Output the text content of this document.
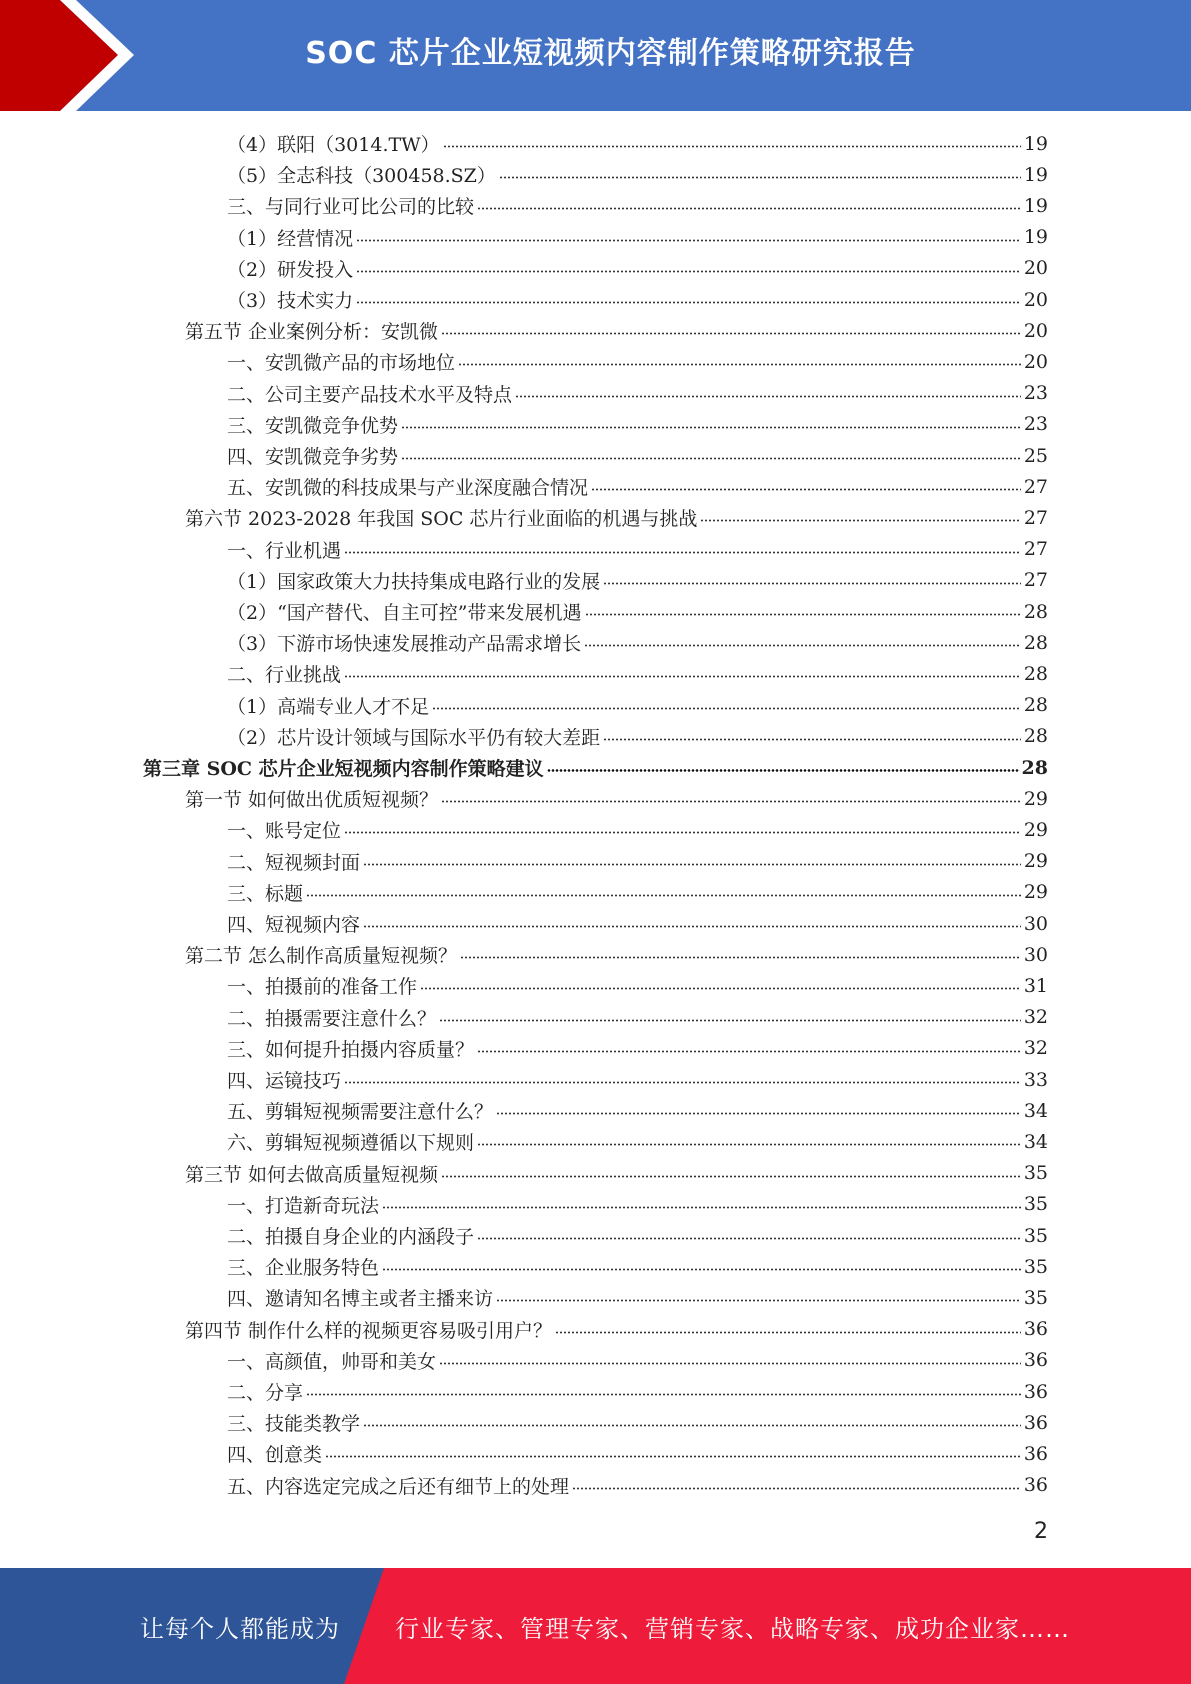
SOC 芯片企业短视频内容制作策略研究报告
（4）联阳（3014.TW）	19
（5）全志科技（300458.SZ）	19
三、与同行业可比公司的比较	19
（1）经营情况	19
（2）研发投入	20
（3）技术实力	20
第五节 企业案例分析：安凯微	20
一、安凯微产品的市场地位	20
二、公司主要产品技术水平及特点	23
三、安凯微竞争优势	23
四、安凯微竞争劣势	25
五、安凯微的科技成果与产业深度融合情况	27
第六节 2023-2028 年我国 SOC 芯片行业面临的机遇与挑战	27
一、行业机遇	27
（1）国家政策大力扶持集成电路行业的发展	27
（2）“国产替代、自主可控”带来发展机遇	28
（3）下游市场快速发展推动产品需求增长	28
二、行业挑战	28
（1）高端专业人才不足	28
（2）芯片设计领域与国际水平仍有较大差距	28
第三章 SOC 芯片企业短视频内容制作策略建议	28
第一节 如何做出优质短视频？	29
一、账号定位	29
二、短视频封面	29
三、标题	29
四、短视频内容	30
第二节 怎么制作高质量短视频？	30
一、拍摄前的准备工作	31
二、拍摄需要注意什么？	32
三、如何提升拍摄内容质量？	32
四、运镜技巧	33
五、剪辑短视频需要注意什么？	34
六、剪辑短视频遵循以下规则	34
第三节 如何去做高质量短视频	35
一、打造新奇玩法	35
二、拍摄自身企业的内涵段子	35
三、企业服务特色	35
四、邀请知名博主或者主播来访	35
第四节 制作什么样的视频更容易吸引用户？	36
一、高颜值，帅哥和美女	36
二、分享	36
三、技能类教学	36
四、创意类	36
五、内容选定完成之后还有细节上的处理	36
2
让每个人都能成为 行业专家、管理专家、营销专家、战略专家、成功企业家……
